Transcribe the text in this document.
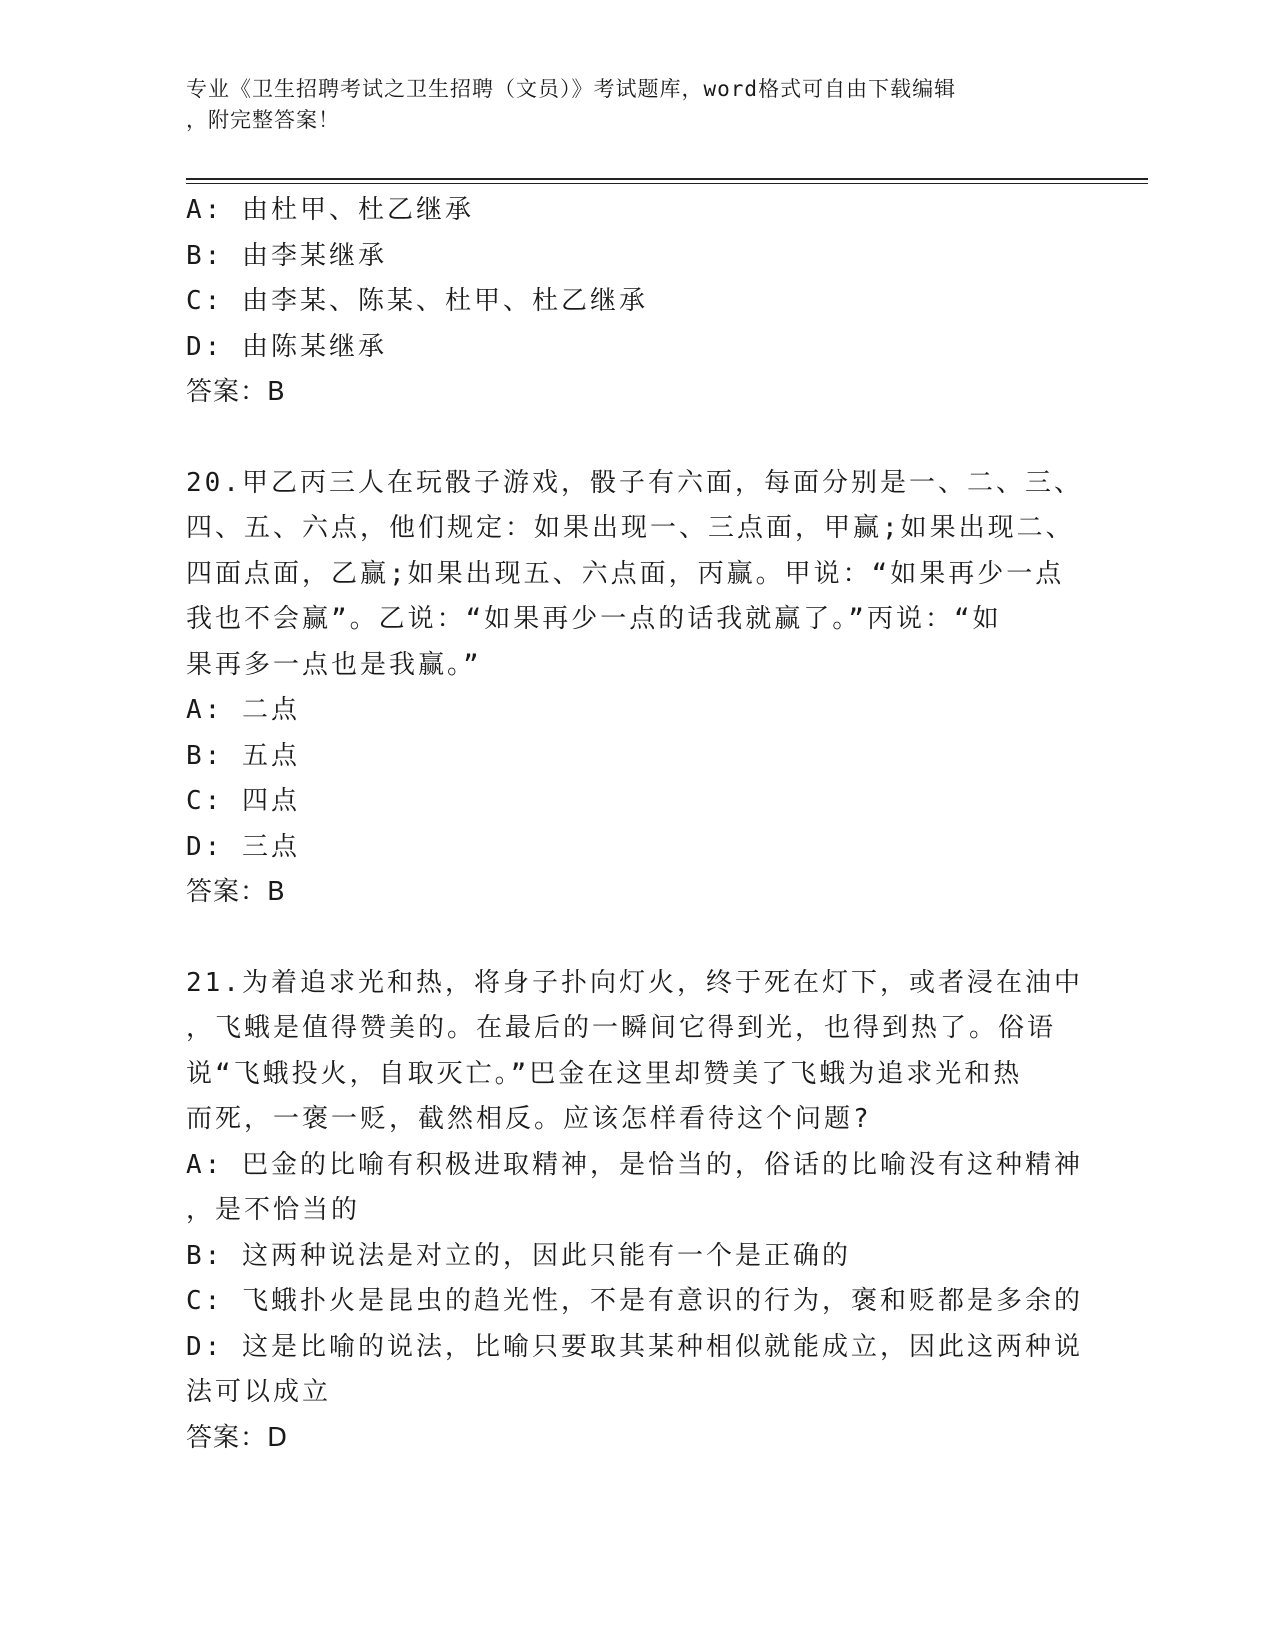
专业《卫生招聘考试之卫生招聘（文员）》考试题库，word格式可自由下载编辑
，附完整答案！
A: 由杜甲、杜乙继承
B: 由李某继承
C: 由李某、陈某、杜甲、杜乙继承
D: 由陈某继承
答案：B
20.甲乙丙三人在玩骰子游戏，骰子有六面，每面分别是一、二、三、
四、五、六点，他们规定：如果出现一、三点面，甲赢;如果出现二、
四面点面，乙赢;如果出现五、六点面，丙赢。甲说：“如果再少一点
我也不会赢”。乙说：“如果再少一点的话我就赢了。”丙说：“如
果再多一点也是我赢。”
A: 二点
B: 五点
C: 四点
D: 三点
答案：B
21.为着追求光和热，将身子扑向灯火，终于死在灯下，或者浸在油中
，飞蛾是值得赞美的。在最后的一瞬间它得到光，也得到热了。俗语
说“飞蛾投火，自取灭亡。”巴金在这里却赞美了飞蛾为追求光和热
而死，一褒一贬，截然相反。应该怎样看待这个问题?
A: 巴金的比喻有积极进取精神，是恰当的，俗话的比喻没有这种精神
，是不恰当的
B: 这两种说法是对立的，因此只能有一个是正确的
C: 飞蛾扑火是昆虫的趋光性，不是有意识的行为，褒和贬都是多余的
D: 这是比喻的说法，比喻只要取其某种相似就能成立，因此这两种说
法可以成立
答案：D
